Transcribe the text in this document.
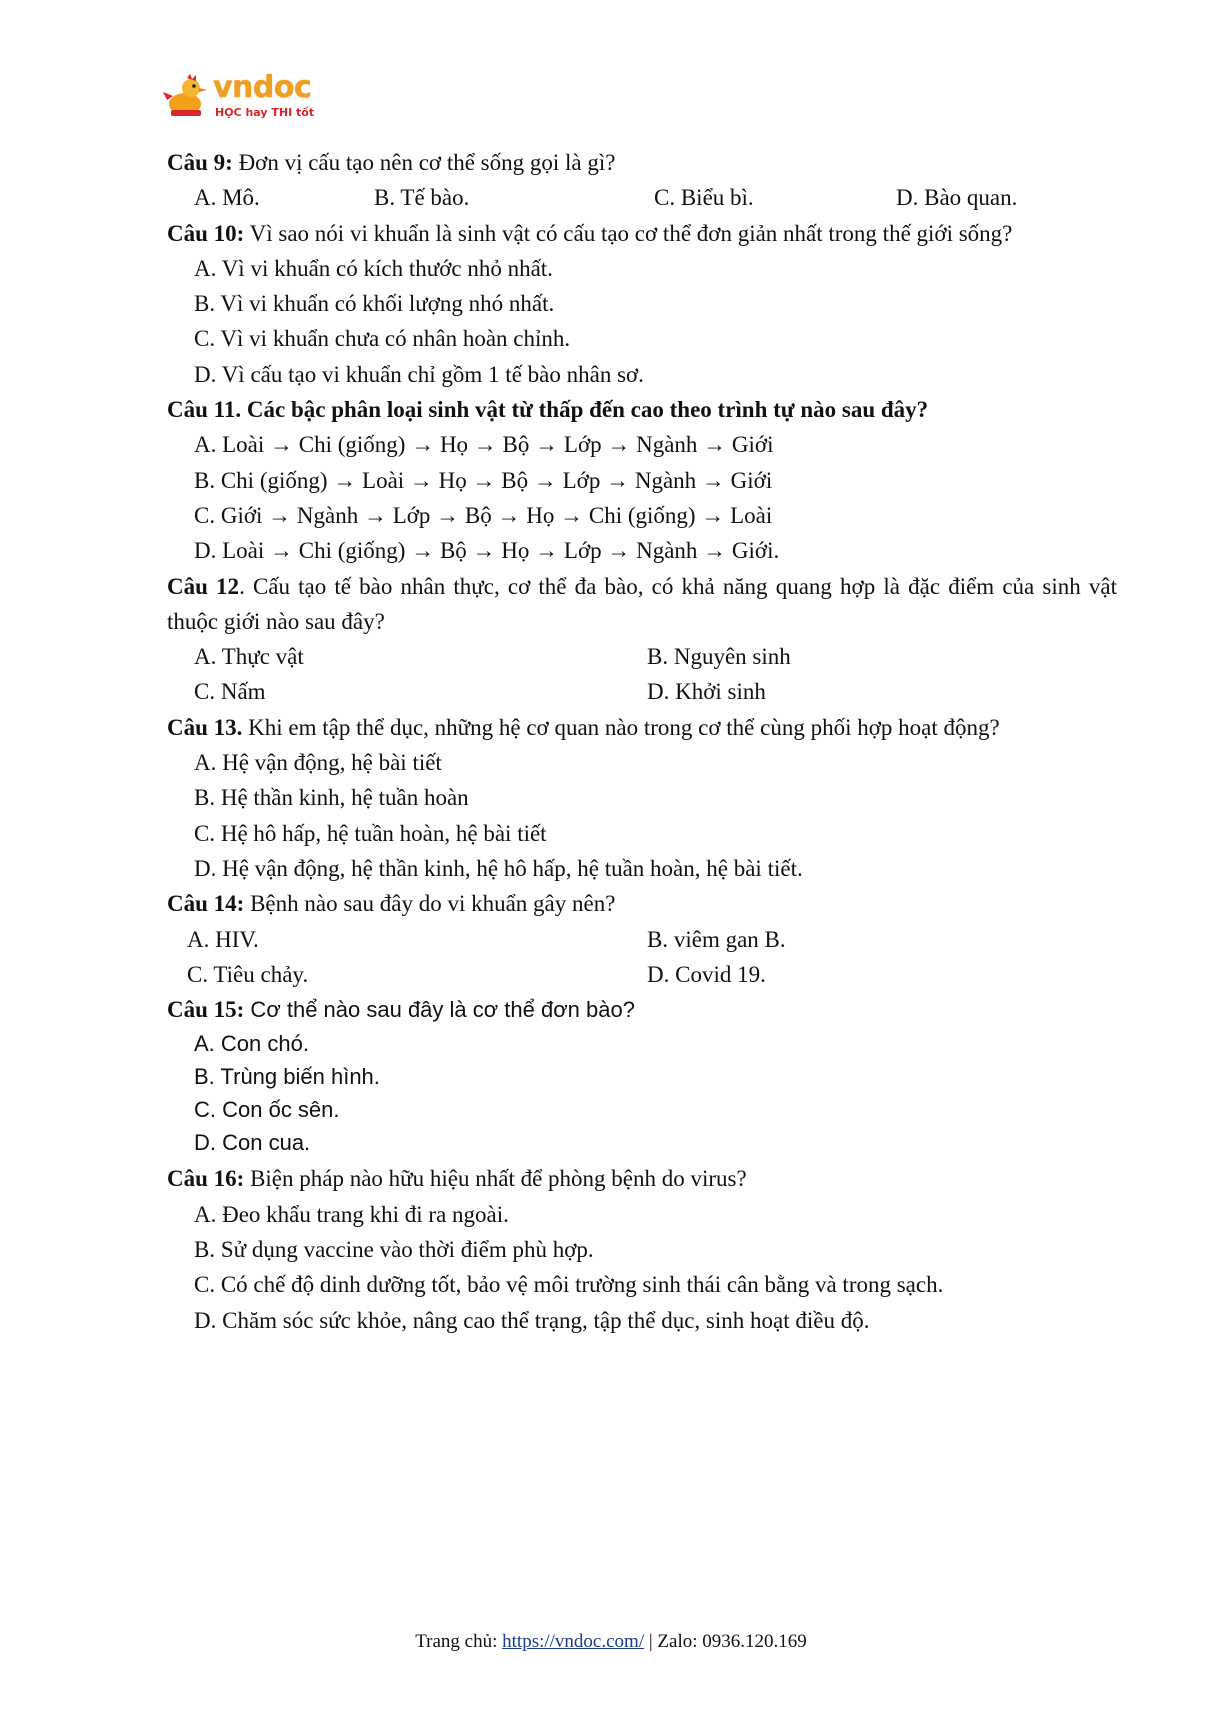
vndoc
HỌC hay THI tốt
Câu 9: Đơn vị cấu tạo nên cơ thể sống gọi là gì?
A. Mô.	B. Tế bào.	C. Biểu bì.	D. Bào quan.
Câu 10: Vì sao nói vi khuẩn là sinh vật có cấu tạo cơ thể đơn giản nhất trong thế giới sống?
A. Vì vi khuẩn có kích thước nhỏ nhất.
B. Vì vi khuẩn có khối lượng nhó nhất.
C. Vì vi khuẩn chưa có nhân hoàn chỉnh.
D. Vì cấu tạo vi khuẩn chỉ gồm 1 tế bào nhân sơ.
Câu 11. Các bậc phân loại sinh vật từ thấp đến cao theo trình tự nào sau đây?
A. Loài → Chi (giống) → Họ → Bộ → Lớp → Ngành → Giới
B. Chi (giống) → Loài → Họ → Bộ → Lớp → Ngành → Giới
C. Giới → Ngành → Lớp → Bộ → Họ → Chi (giống) → Loài
D. Loài → Chi (giống) → Bộ → Họ → Lớp → Ngành → Giới.
Câu 12. Cấu tạo tế bào nhân thực, cơ thể đa bào, có khả năng quang hợp là đặc điểm của sinh vật thuộc giới nào sau đây?
A. Thực vật	B. Nguyên sinh
C. Nấm	D. Khởi sinh
Câu 13. Khi em tập thể dục, những hệ cơ quan nào trong cơ thể cùng phối hợp hoạt động?
A. Hệ vận động, hệ bài tiết
B. Hệ thần kinh, hệ tuần hoàn
C. Hệ hô hấp, hệ tuần hoàn, hệ bài tiết
D. Hệ vận động, hệ thần kinh, hệ hô hấp, hệ tuần hoàn, hệ bài tiết.
Câu 14: Bệnh nào sau đây do vi khuẩn gây nên?
A. HIV.	B. viêm gan B.
C. Tiêu chảy.	D. Covid 19.
Câu 15: Cơ thể nào sau đây là cơ thể đơn bào?
A. Con chó.
B. Trùng biến hình.
C. Con ốc sên.
D. Con cua.
Câu 16: Biện pháp nào hữu hiệu nhất để phòng bệnh do virus?
A. Đeo khẩu trang khi đi ra ngoài.
B. Sử dụng vaccine vào thời điểm phù hợp.
C. Có chế độ dinh dưỡng tốt, bảo vệ môi trường sinh thái cân bằng và trong sạch.
D. Chăm sóc sức khỏe, nâng cao thể trạng, tập thể dục, sinh hoạt điều độ.
Trang chủ: https://vndoc.com/ | Zalo: 0936.120.169
